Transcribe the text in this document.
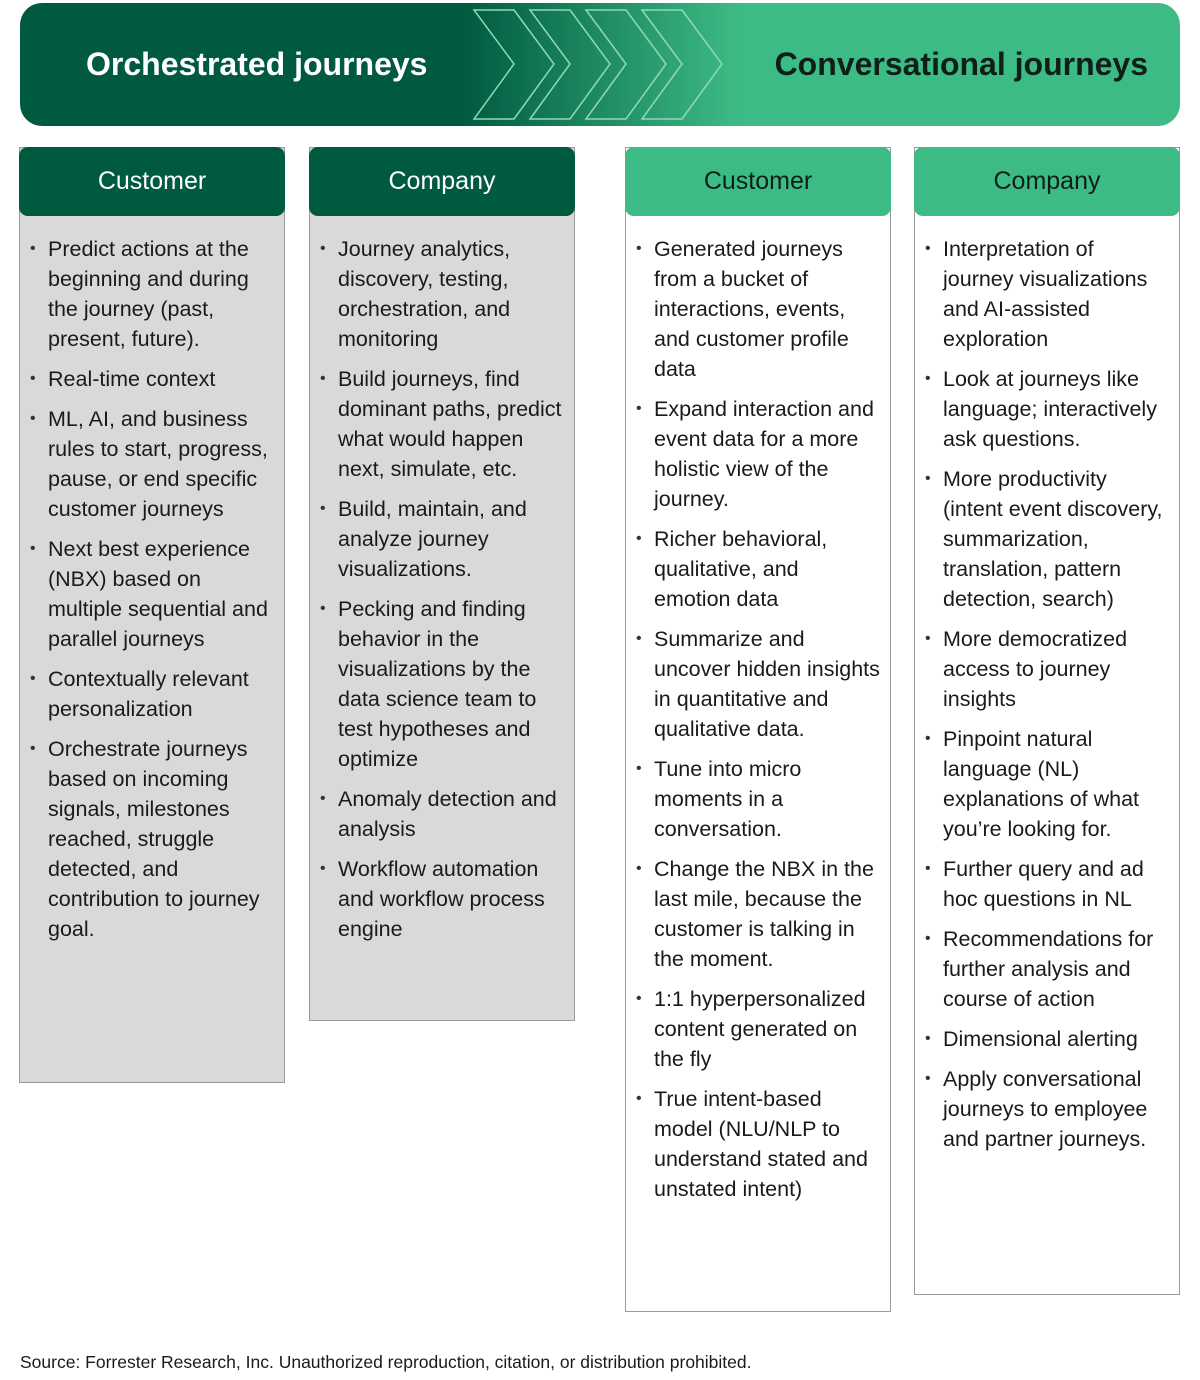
Orchestrated journeys	Conversational journeys
Customer
• Predict actions at the beginning and during the journey (past, present, future).
• Real-time context
• ML, AI, and business rules to start, progress, pause, or end specific customer journeys
• Next best experience (NBX) based on multiple sequential and parallel journeys
• Contextually relevant personalization
• Orchestrate journeys based on incoming signals, milestones reached, struggle detected, and contribution to journey goal.
Company
• Journey analytics, discovery, testing, orchestration, and monitoring
• Build journeys, find dominant paths, predict what would happen next, simulate, etc.
• Build, maintain, and analyze journey visualizations.
• Pecking and finding behavior in the visualizations by the data science team to test hypotheses and optimize
• Anomaly detection and analysis
• Workflow automation and workflow process engine
Customer
• Generated journeys from a bucket of interactions, events, and customer profile data
• Expand interaction and event data for a more holistic view of the journey.
• Richer behavioral, qualitative, and emotion data
• Summarize and uncover hidden insights in quantitative and qualitative data.
• Tune into micro moments in a conversation.
• Change the NBX in the last mile, because the customer is talking in the moment.
• 1:1 hyperpersonalized content generated on the fly
• True intent-based model (NLU/NLP to understand stated and unstated intent)
Company
• Interpretation of journey visualizations and AI-assisted exploration
• Look at journeys like language; interactively ask questions.
• More productivity (intent event discovery, summarization, translation, pattern detection, search)
• More democratized access to journey insights
• Pinpoint natural language (NL) explanations of what you’re looking for.
• Further query and ad hoc questions in NL
• Recommendations for further analysis and course of action
• Dimensional alerting
• Apply conversational journeys to employee and partner journeys.
Source: Forrester Research, Inc. Unauthorized reproduction, citation, or distribution prohibited.
